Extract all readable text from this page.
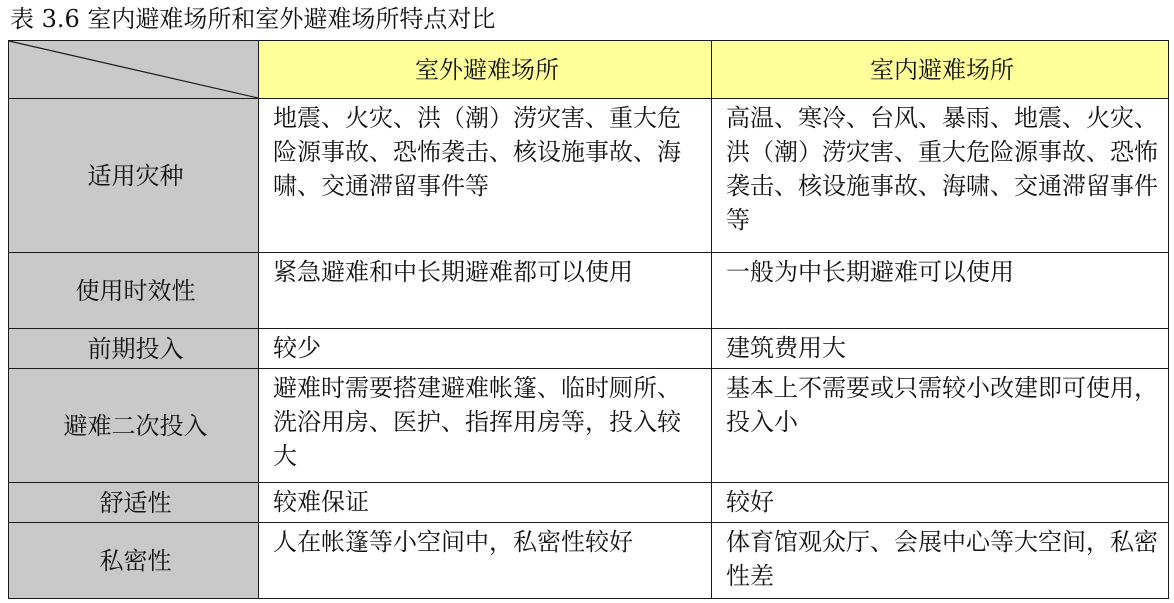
表 3.6 室内避难场所和室外避难场所特点对比
	室外避难场所	室内避难场所
适用灾种	地震、火灾、洪（潮）涝灾害、重大危险源事故、恐怖袭击、核设施事故、海啸、交通滞留事件等	高温、寒冷、台风、暴雨、地震、火灾、洪（潮）涝灾害、重大危险源事故、恐怖袭击、核设施事故、海啸、交通滞留事件等
使用时效性	紧急避难和中长期避难都可以使用	一般为中长期避难可以使用
前期投入	较少	建筑费用大
避难二次投入	避难时需要搭建避难帐篷、临时厕所、洗浴用房、医护、指挥用房等，投入较大	基本上不需要或只需较小改建即可使用，投入小
舒适性	较难保证	较好
私密性	人在帐篷等小空间中，私密性较好	体育馆观众厅、会展中心等大空间，私密性差
